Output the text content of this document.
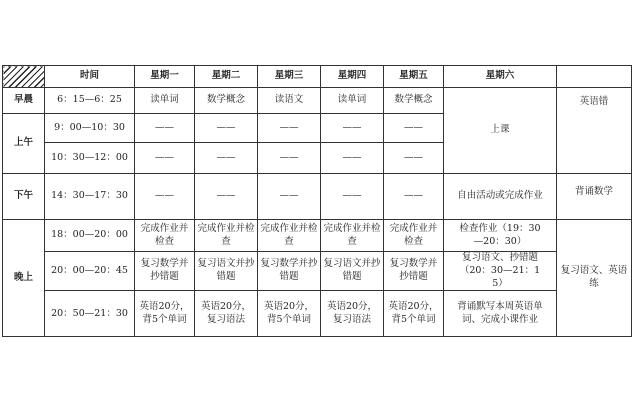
	时间	星期一	星期二	星期三	星期四	星期五	星期六	
早晨	6：15—6：25	读单词	数学概念	读语文	读单词	数学概念	上课	英语错
上午	9：00—10：30	——	——	——	——	——		
	10：30—12：00	——	——	——	——	——		
下午	14：30—17：30	——	——	——	——	——	自由活动或完成作业	背诵数学
晚上	18：00—20：00	完成作业并检查	完成作业并检查	完成作业并检查	完成作业并检查	完成作业并检查	检查作业（19：30—20：30）	复习语文、英语练
	20：00—20：45	复习数学并抄错题	复习语文并抄错题	复习数学并抄错题	复习语文并抄错题	复习数学并抄错题	复习语文、抄错题（20：30—21：15）	
	20：50—21：30	英语20分，背5个单词	英语20分，复习语法	英语20分，背5个单词	英语20分，复习语法	英语20分，背5个单词	背诵默写本周英语单词、完成小课作业	
